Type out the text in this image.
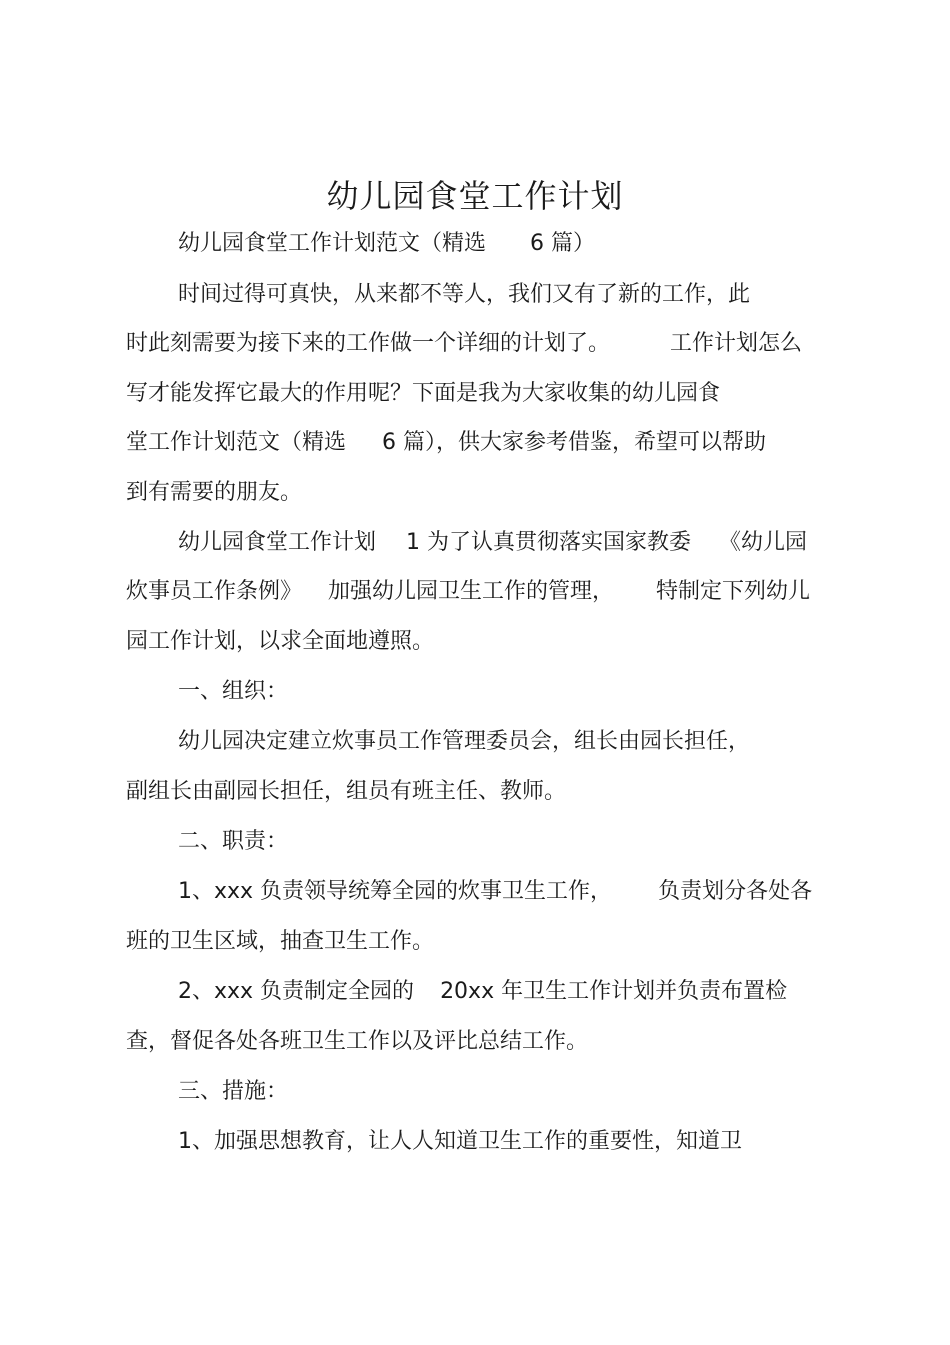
幼儿园食堂工作计划
幼儿园食堂工作计划范文（精选 6 篇）
时间过得可真快，从来都不等人，我们又有了新的工作，此
时此刻需要为接下来的工作做一个详细的计划了。	工作计划怎么
写才能发挥它最大的作用呢？下面是我为大家收集的幼儿园食
堂工作计划范文（精选 6 篇），供大家参考借鉴，希望可以帮助
到有需要的朋友。
幼儿园食堂工作计划 1 为了认真贯彻落实国家教委 《幼儿园
炊事员工作条例》 加强幼儿园卫生工作的管理， 特制定下列幼儿
园工作计划，以求全面地遵照。
一、组织：
幼儿园决定建立炊事员工作管理委员会，组长由园长担任，
副组长由副园长担任，组员有班主任、教师。
二、职责：
1、xxx 负责领导统筹全园的炊事卫生工作， 负责划分各处各
班的卫生区域，抽查卫生工作。
2、xxx 负责制定全园的 20xx 年卫生工作计划并负责布置检
查，督促各处各班卫生工作以及评比总结工作。
三、措施：
1、加强思想教育，让人人知道卫生工作的重要性，知道卫
